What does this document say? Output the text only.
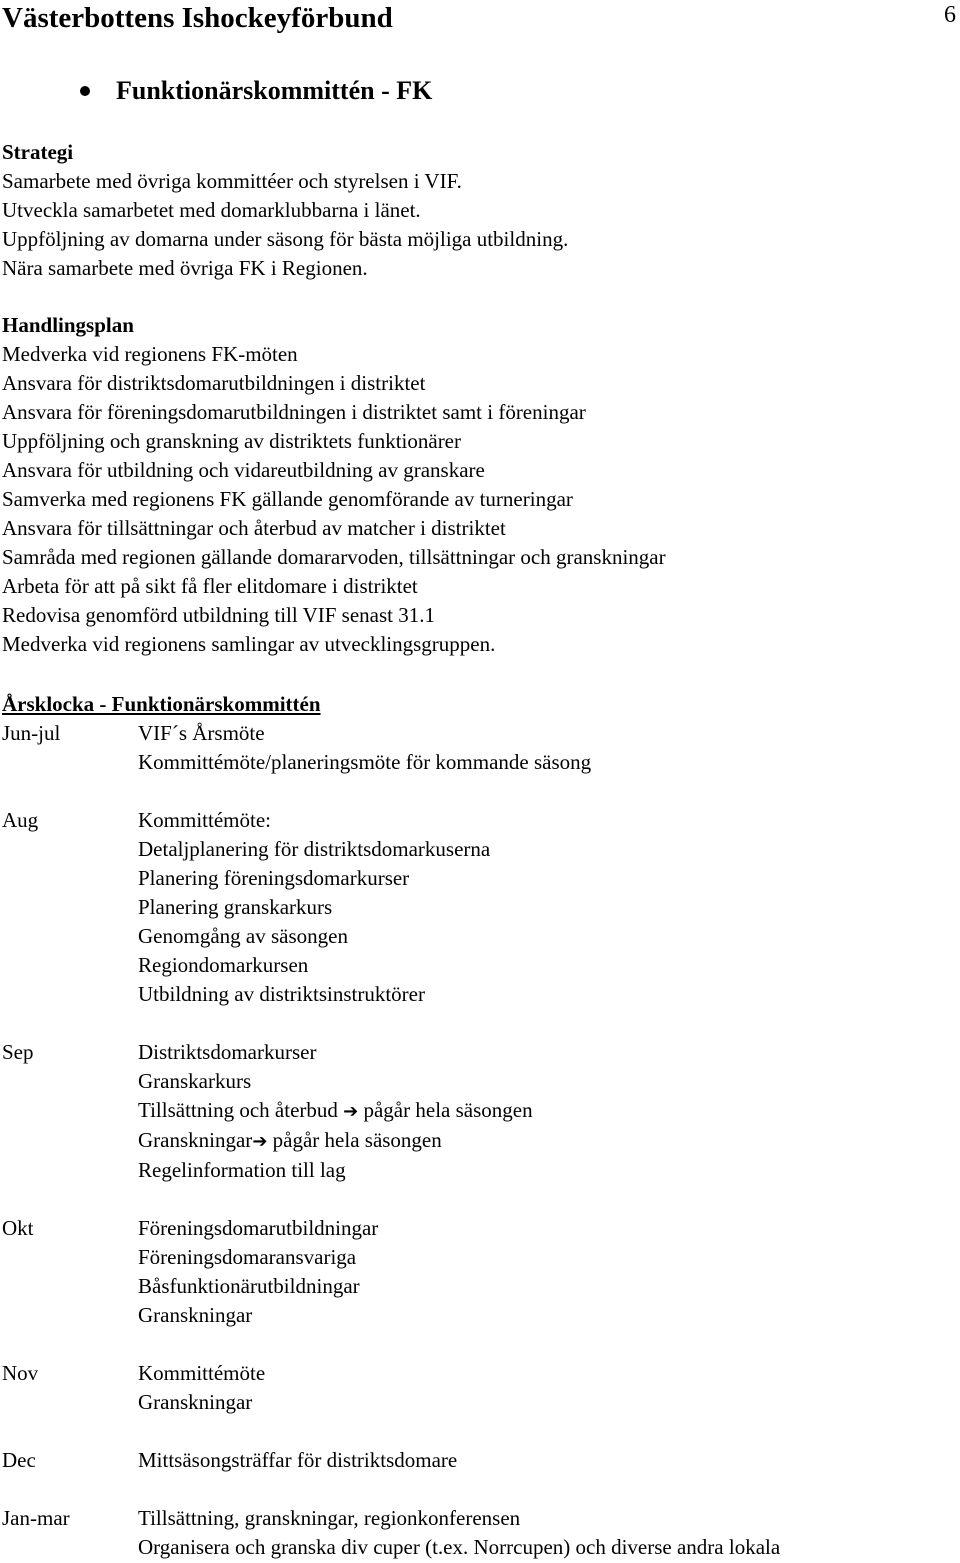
Västerbottens Ishockeyförbund	6
Funktionärskommittén - FK
Strategi
Samarbete med övriga kommittéer och styrelsen i VIF.
Utveckla samarbetet med domarklubbarna i länet.
Uppföljning av domarna under säsong för bästa möjliga utbildning.
Nära samarbete med övriga FK i Regionen.
Handlingsplan
Medverka vid regionens FK-möten
Ansvara för distriktsdomarutbildningen i distriktet
Ansvara för föreningsdomarutbildningen i distriktet samt i föreningar
Uppföljning och granskning av distriktets funktionärer
Ansvara för utbildning och vidareutbildning av granskare
Samverka med regionens FK gällande genomförande av turneringar
Ansvara för tillsättningar och återbud av matcher i distriktet
Samråda med regionen gällande domararvoden, tillsättningar och granskningar
Arbeta för att på sikt få fler elitdomare i distriktet
Redovisa genomförd utbildning till VIF senast 31.1
Medverka vid regionens samlingar av utvecklingsgruppen.
Årsklocka - Funktionärskommittén
Jun-jul	VIF´s Årsmöte
Kommittémöte/planeringsmöte för kommande säsong
Aug	Kommittémöte:
Detaljplanering för distriktsdomarkuserna
Planering föreningsdomarkurser
Planering granskarkurs
Genomgång av säsongen
Regiondomarkursen
Utbildning av distriktsinstruktörer
Sep	Distriktsdomarkurser
Granskarkurs
Tillsättning och återbud ➔ pågår hela säsongen
Granskningar➔ pågår hela säsongen
Regelinformation till lag
Okt	Föreningsdomarutbildningar
Föreningsdomaransvariga
Båsfunktionärutbildningar
Granskningar
Nov	Kommittémöte
Granskningar
Dec	Mittsäsongsträffar för distriktsdomare
Jan-mar	Tillsättning, granskningar, regionkonferensen
Organisera och granska div cuper (t.ex. Norrcupen) och diverse andra lokala
